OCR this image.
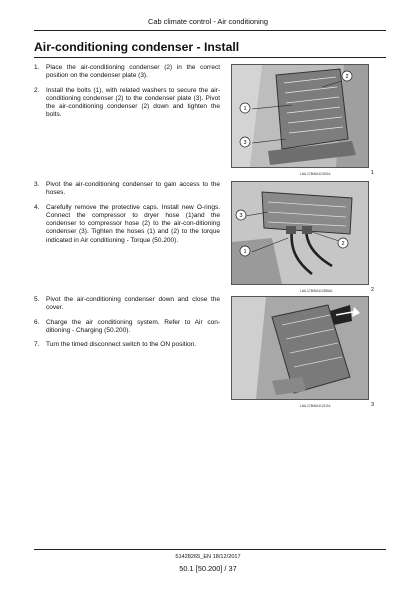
Cab climate control - Air conditioning
Air-conditioning condenser - Install
1.	Place the air-conditioning condenser (2) in the correct position on the condenser plate (3).
2.	Install the bolts (1), with related washers to secure the air-conditioning condenser (2) to the condenser plate (3). Pivot the air-conditioning condenser (2) down and tighten the bolts.
3.	Pivot the air-conditioning condenser to gain access to the hoses.
4.	Carefully remove the protective caps. Install new O-rings. Connect the compressor to dryer hose (1)and the condenser to compressor hose (2) to the air-con-ditioning condenser (3). Tighten the hoses (1) and (2) to the torque indicated in Air conditioning - Torque (50.200).
5.	Pivot the air-conditioning condenser down and close the cover.
6.	Charge the air conditioning system. Refer to Air con-ditioning - Charging (50.200).
7.	Turn the timed disconnect switch to the ON position.
1
2
3
LAIL17BWA1130GA	1
1
2
3
LAIL17BWA1125BAA	2
LAIL17BWA1121GA	3
51428265_EN 18/12/2017
50.1 [50.200] / 37
